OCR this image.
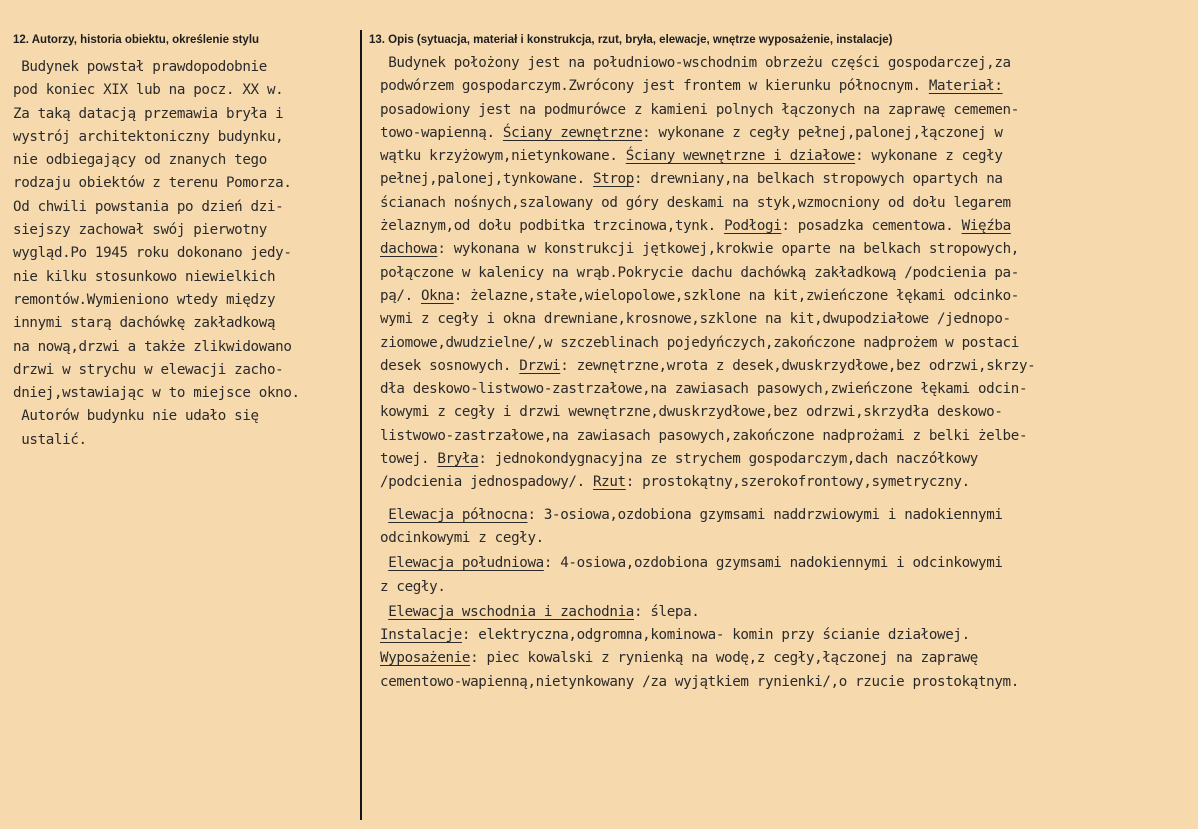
12. Autorzy, historia obiektu, określenie stylu	13. Opis (sytuacja, materiał i konstrukcja, rzut, bryła, elewacje, wnętrze wyposażenie, instalacje)

Budynek powstał prawdopodobnie
pod koniec XIX lub na pocz. XX w.
Za taką datacją przemawia bryła i
wystrój architektoniczny budynku,
nie odbiegający od znanych tego
rodzaju obiektów z terenu Pomorza.
Od chwili powstania po dzień dzi-
siejszy zachował swój pierwotny
wygląd.Po 1945 roku dokonano jedy-
nie kilku stosunkowo niewielkich
remontów.Wymieniono wtedy między
innymi starą dachówkę zakładkową
na nową,drzwi a także zlikwidowano
drzwi w strychu w elewacji zacho-
dniej,wstawiając w to miejsce okno.
Autorów budynku nie udało się
ustalić.
Budynek położony jest na południowo-wschodnim obrzeżu części gospodarczej,za
podwórzem gospodarczym.Zwrócony jest frontem w kierunku północnym. Materiał:
posadowiony jest na podmurówce z kamieni polnych łączonych na zaprawę cememen-
towo-wapienną. Ściany zewnętrzne: wykonane z cegły pełnej,palonej,łączonej w
wątku krzyżowym,nietynkowane. Ściany wewnętrzne i działowe: wykonane z cegły
pełnej,palonej,tynkowane. Strop: drewniany,na belkach stropowych opartych na
ścianach nośnych,szalowany od góry deskami na styk,wzmocniony od dołu legarem
żelaznym,od dołu podbitka trzcinowa,tynk. Podłogi: posadzka cementowa. Więźba
dachowa: wykonana w konstrukcji jętkowej,krokwie oparte na belkach stropowych,
połączone w kalenicy na wrąb.Pokrycie dachu dachówką zakładkową /podcienia pa-
pą/. Okna: żelazne,stałe,wielopolowe,szklone na kit,zwieńczone łękami odcinko-
wymi z cegły i okna drewniane,krosnowe,szklone na kit,dwupodziałowe /jednopo-
ziomowe,dwudzielne/,w szczeblinach pojedyńczych,zakończone nadprożem w postaci
desek sosnowych. Drzwi: zewnętrzne,wrota z desek,dwuskrzydłowe,bez odrzwi,skrzy-
dła deskowo-listwowo-zastrzałowe,na zawiasach pasowych,zwieńczone łękami odcin-
kowymi z cegły i drzwi wewnętrzne,dwuskrzydłowe,bez odrzwi,skrzydła deskowo-
listwowo-zastrzałowe,na zawiasach pasowych,zakończone nadprożami z belki żelbe-
towej. Bryła: jednokondygnacyjna ze strychem gospodarczym,dach naczółkowy
/podcienia jednospadowy/. Rzut: prostokątny,szerokofrontowy,symetryczny.
Elewacja północna: 3-osiowa,ozdobiona gzymsami naddrzwiowymi i nadokiennymi
odcinkowymi z cegły.
Elewacja południowa: 4-osiowa,ozdobiona gzymsami nadokiennymi i odcinkowymi
z cegły.
Elewacja wschodnia i zachodnia: ślepa.
Instalacje: elektryczna,odgromna,kominowa- komin przy ścianie działowej.
Wyposażenie: piec kowalski z rynienką na wodę,z cegły,łączonej na zaprawę
cementowo-wapienną,nietynkowany /za wyjątkiem rynienki/,o rzucie prostokątnym.
